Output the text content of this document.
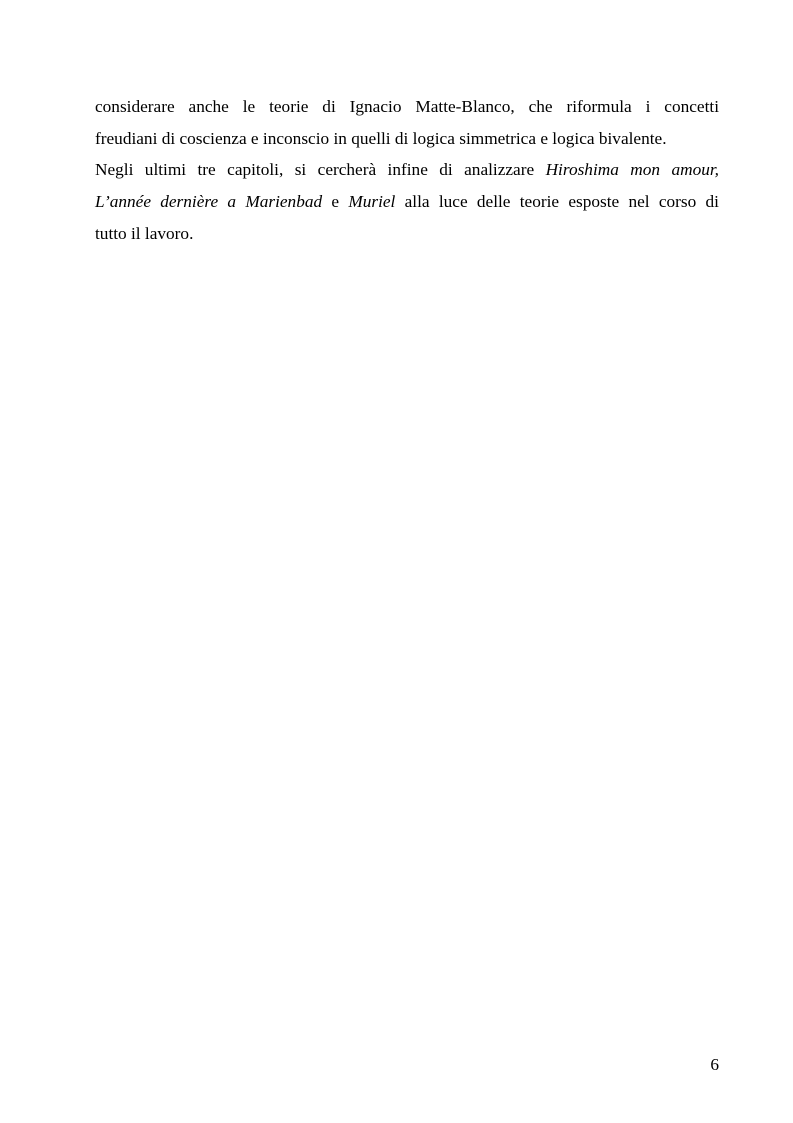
considerare anche le teorie di Ignacio Matte-Blanco, che riformula i concetti
freudiani di coscienza e inconscio in quelli di logica simmetrica e logica bivalente.
Negli ultimi tre capitoli, si cercherà infine di analizzare Hiroshima mon amour,
L’année dernière a Marienbad e Muriel alla luce delle teorie esposte nel corso di
tutto il lavoro.
6
